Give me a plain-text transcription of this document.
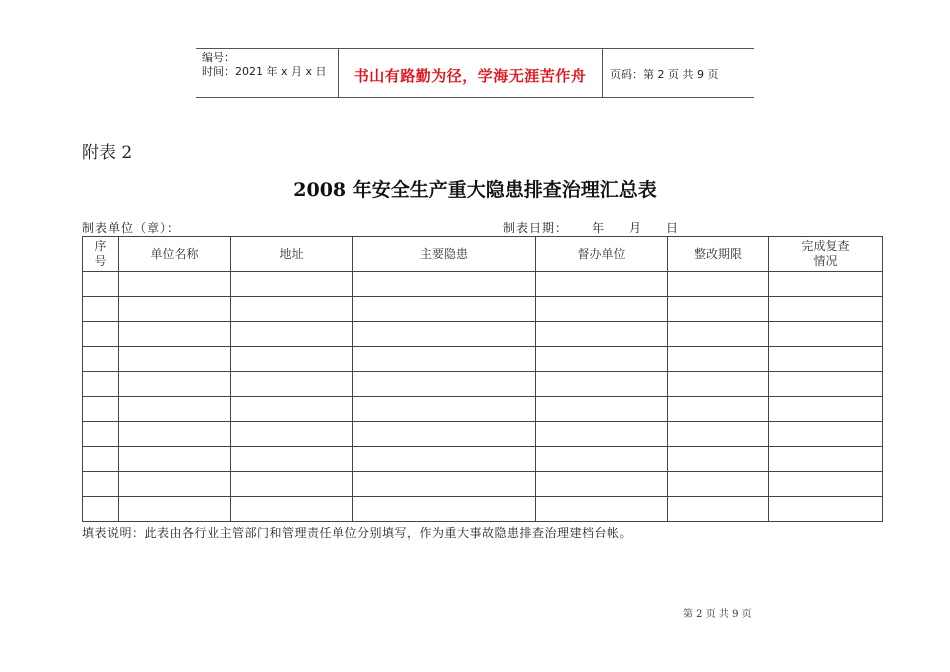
编号：
时间：2021 年 x 月 x 日	书山有路勤为径，学海无涯苦作舟	页码：第 2 页 共 9 页
附表 2
2008 年安全生产重大隐患排查治理汇总表
制表单位（章）：	制表日期： 年 月 日
序号	单位名称	地址	主要隐患	督办单位	整改期限	完成复查情况

填表说明：此表由各行业主管部门和管理责任单位分别填写，作为重大事故隐患排查治理建档台帐。
第 2 页 共 9 页
